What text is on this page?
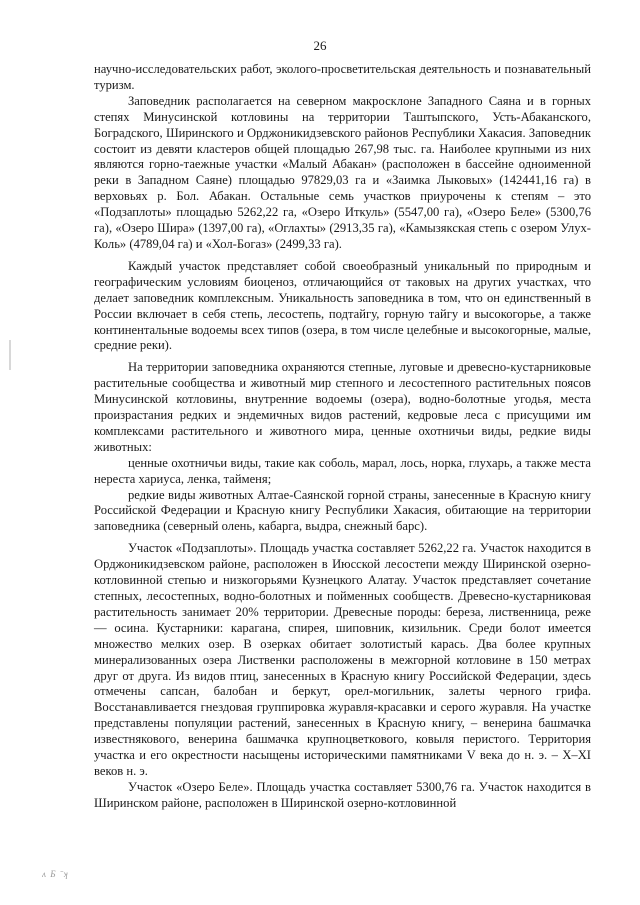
26

научно-исследовательских работ, эколого-просветительская деятельность и познавательный туризм.

Заповедник располагается на северном макросклоне Западного Саяна и в горных степях Минусинской котловины на территории Таштыпского, Усть-Абаканского, Боградского, Ширинского и Орджоникидзевского районов Республики Хакасия. Заповедник состоит из девяти кластеров общей площадью 267,98 тыс. га. Наиболее крупными из них являются горно-таежные участки «Малый Абакан» (расположен в бассейне одноименной реки в Западном Саяне) площадью 97829,03 га и «Заимка Лыковых» (142441,16 га) в верховьях р. Бол. Абакан. Остальные семь участков приурочены к степям – это «Подзаплоты» площадью 5262,22 га, «Озеро Иткуль» (5547,00 га), «Озеро Беле» (5300,76 га), «Озеро Шира» (1397,00 га), «Оглахты» (2913,35 га), «Камызякская степь с озером Улух-Коль» (4789,04 га) и «Хол-Богаз» (2499,33 га).

Каждый участок представляет собой своеобразный уникальный по природным и географическим условиям биоценоз, отличающийся от таковых на других участках, что делает заповедник комплексным. Уникальность заповедника в том, что он единственный в России включает в себя степь, лесостепь, подтайгу, горную тайгу и высокогорье, а также континентальные водоемы всех типов (озера, в том числе целебные и высокогорные, малые, средние реки).

На территории заповедника охраняются степные, луговые и древесно-кустарниковые растительные сообщества и животный мир степного и лесостепного растительных поясов Минусинской котловины, внутренние водоемы (озера), водно-болотные угодья, места произрастания редких и эндемичных видов растений, кедровые леса с присущими им комплексами растительного и животного мира, ценные охотничьи виды, редкие виды животных:

ценные охотничьи виды, такие как соболь, марал, лось, норка, глухарь, а также места нереста хариуса, ленка, тайменя;

редкие виды животных Алтае-Саянской горной страны, занесенные в Красную книгу Российской Федерации и Красную книгу Республики Хакасия, обитающие на территории заповедника (северный олень, кабарга, выдра, снежный барс).

Участок «Подзаплоты». Площадь участка составляет 5262,22 га. Участок находится в Орджоникидзевском районе, расположен в Июсской лесостепи между Ширинской озерно-котловинной степью и низкогорьями Кузнецкого Алатау. Участок представляет сочетание степных, лесостепных, водно-болотных и пойменных сообществ. Древесно-кустарниковая растительность занимает 20% территории. Древесные породы: береза, лиственница, реже — осина. Кустарники: карагана, спирея, шиповник, кизильник. Среди болот имеется множество мелких озер. В озерках обитает золотистый карась. Два более крупных минерализованных озера Лиственки расположены в межгорной котловине в 150 метрах друг от друга. Из видов птиц, занесенных в Красную книгу Российской Федерации, здесь отмечены сапсан, балобан и беркут, орел-могильник, залеты черного грифа. Восстанавливается гнездовая группировка журавля-красавки и серого журавля. На участке представлены популяции растений, занесенных в Красную книгу, – венерина башмачка известнякового, венерина башмачка крупноцветкового, ковыля перистого. Территория участка и его окрестности насыщены историческими памятниками V века до н. э. – X–XI веков н. э.

Участок «Озеро Беле». Площадь участка составляет 5300,76 га. Участок находится в Ширинском районе, расположен в Ширинской озерно-котловинной

ʌ Б ˉʞ
